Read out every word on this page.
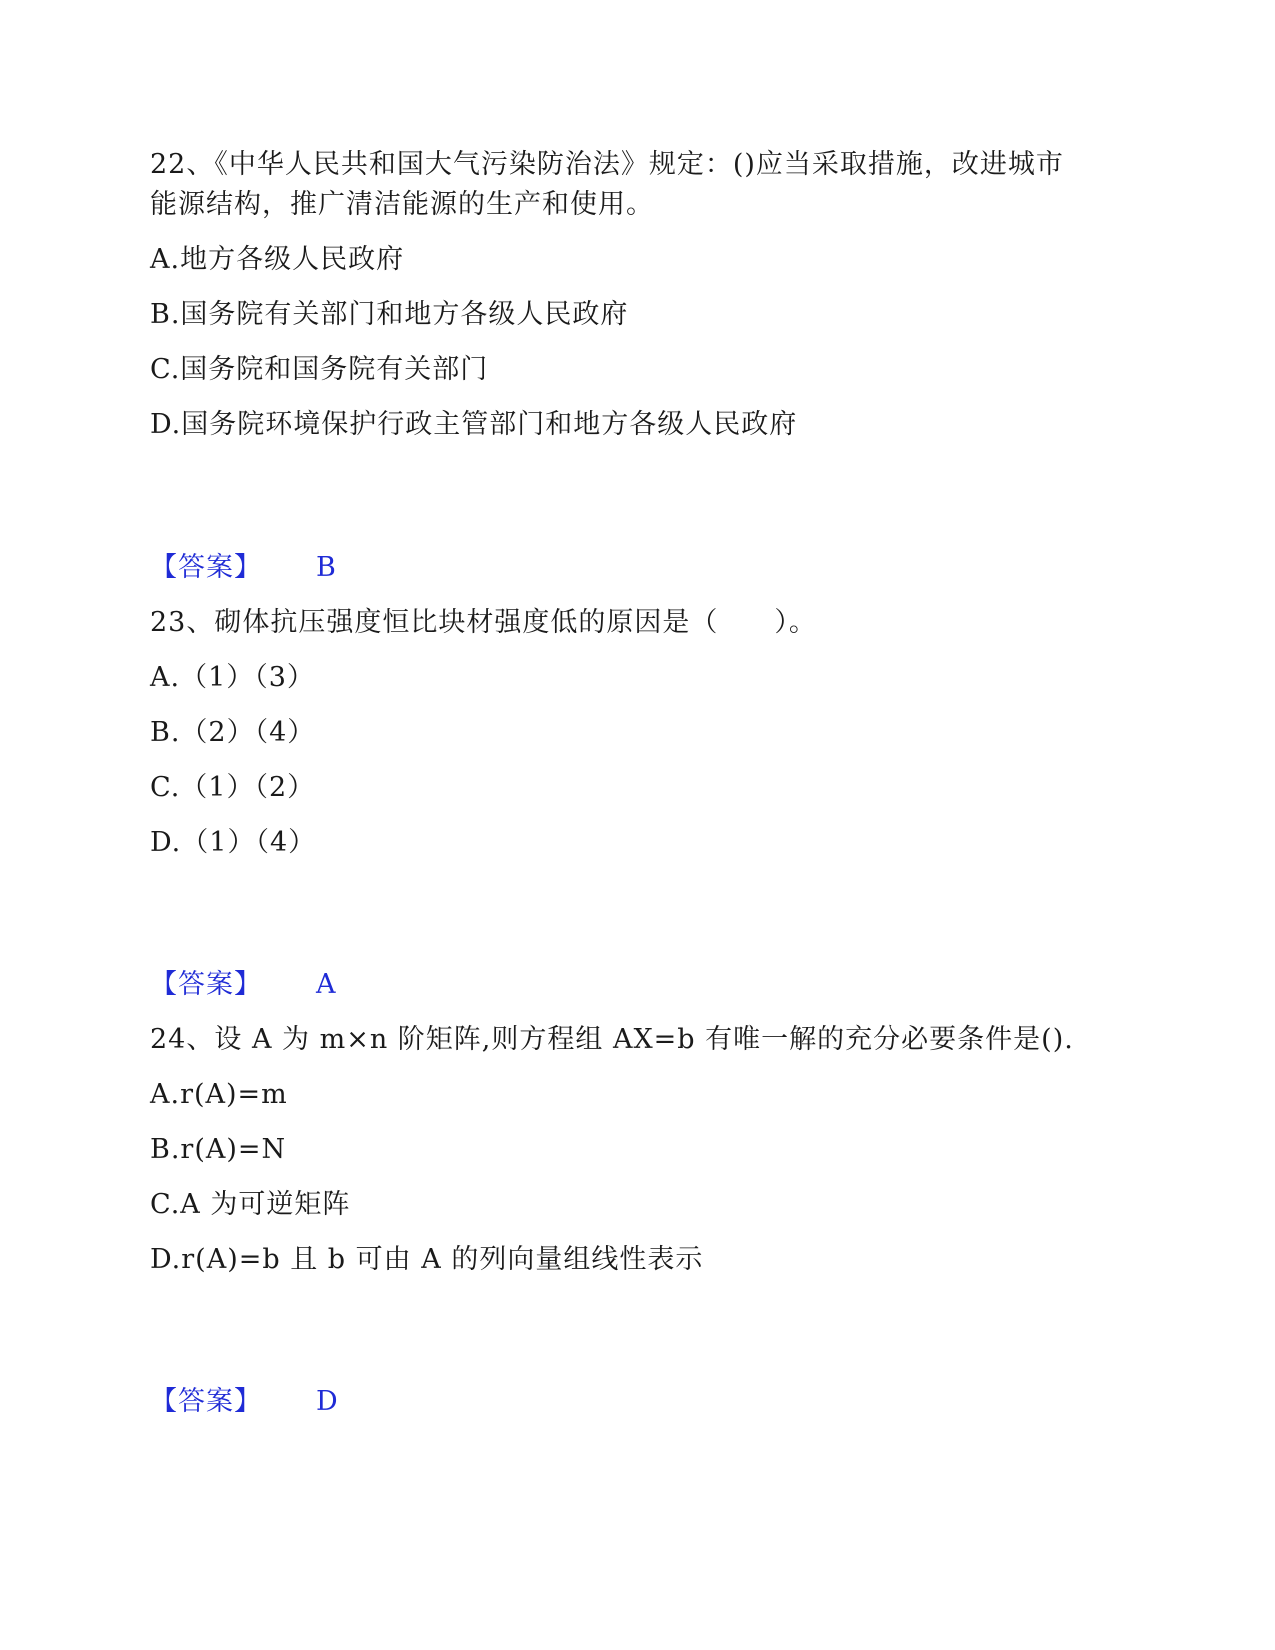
22、《中华人民共和国大气污染防治法》规定：()应当采取措施，改进城市
能源结构，推广清洁能源的生产和使用。
A.地方各级人民政府
B.国务院有关部门和地方各级人民政府
C.国务院和国务院有关部门
D.国务院环境保护行政主管部门和地方各级人民政府
【答案】 B
23、砌体抗压强度恒比块材强度低的原因是（　　）。
A.（1）（3）
B.（2）（4）
C.（1）（2）
D.（1）（4）
【答案】 A
24、设 A 为 m×n 阶矩阵,则方程组 AX=b 有唯一解的充分必要条件是().
A.r(A)=m
B.r(A)=N
C.A 为可逆矩阵
D.r(A)=b 且 b 可由 A 的列向量组线性表示
【答案】 D
